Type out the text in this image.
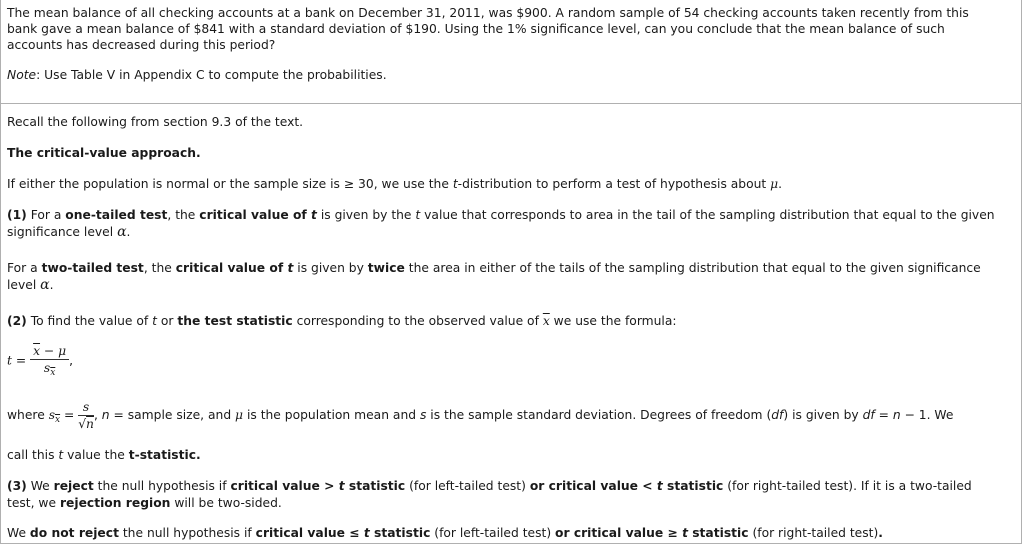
The mean balance of all checking accounts at a bank on December 31, 2011, was $900. A random sample of 54 checking accounts taken recently from this
bank gave a mean balance of $841 with a standard deviation of $190. Using the 1% significance level, can you conclude that the mean balance of such
accounts has decreased during this period?
Note: Use Table V in Appendix C to compute the probabilities.
Recall the following from section 9.3 of the text.
The critical-value approach.
If either the population is normal or the sample size is ≥ 30, we use the t-distribution to perform a test of hypothesis about μ.
(1) For a one-tailed test, the critical value of t is given by the t value that corresponds to area in the tail of the sampling distribution that equal to the given
significance level α.
For a two-tailed test, the critical value of t is given by twice the area in either of the tails of the sampling distribution that equal to the given significance
level α.
(2) To find the value of t or the test statistic corresponding to the observed value of $\overline{x}$ we use the formula:
$t = \frac{\overline{x} - \mu}{s_{\overline{x}}}$ ,
where $s_{\overline{x}} = \frac{s}{√n}$ , n = sample size, and μ is the population mean and s is the sample standard deviation. Degrees of freedom (df) is given by df = n − 1. We
call this t value the t-statistic.
(3) We reject the null hypothesis if critical value > t statistic (for left-tailed test) or critical value < t statistic (for right-tailed test). If it is a two-tailed
test, we rejection region will be two-sided.
We do not reject the null hypothesis if critical value ≤ t statistic (for left-tailed test) or critical value ≥ t statistic (for right-tailed test).
